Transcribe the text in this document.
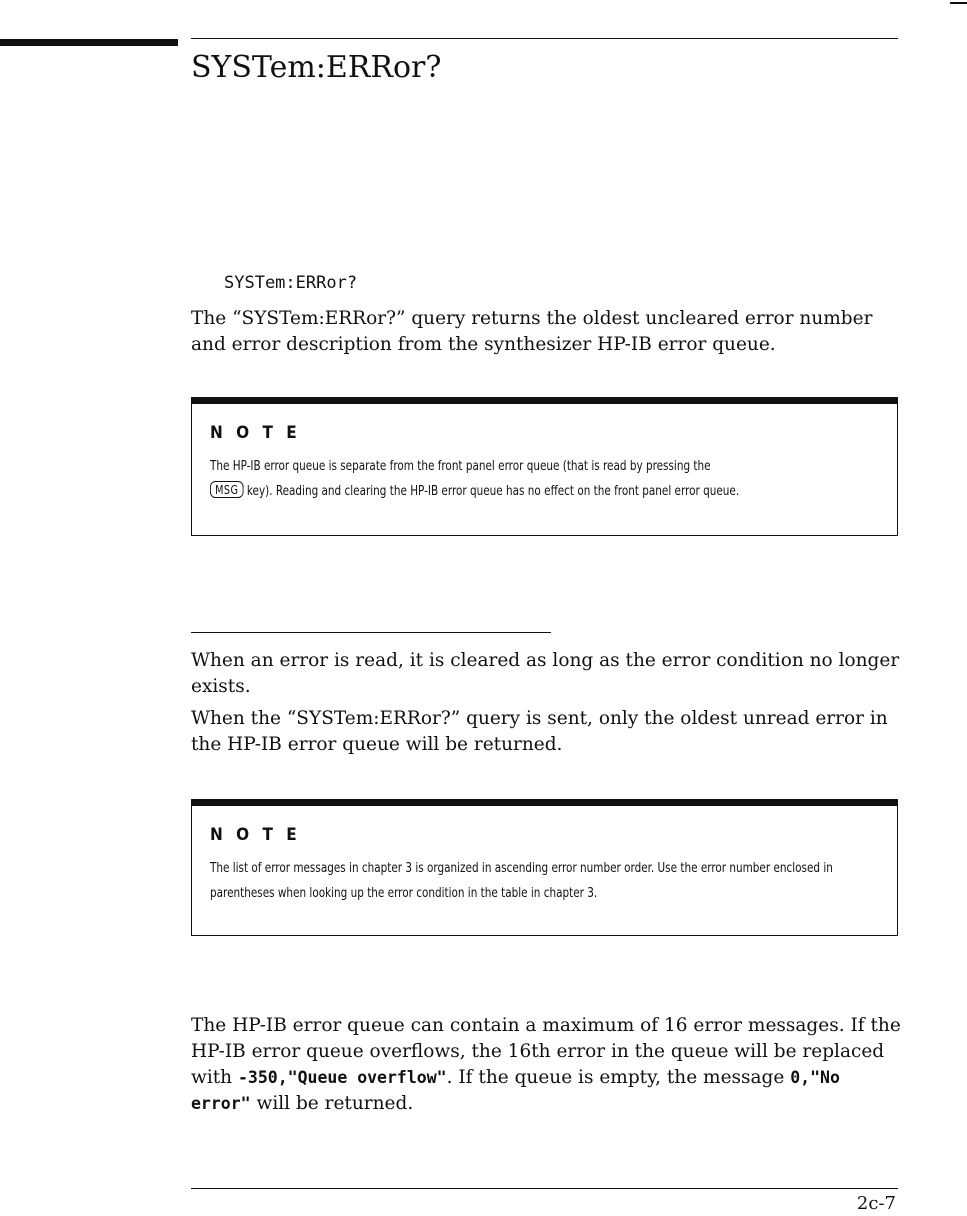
SYSTem:ERRor?
SYSTem:ERRor?

The “SYSTem:ERRor?” query returns the oldest uncleared error number and error description from the synthesizer HP-IB error queue.

N O T E

The HP-IB error queue is separate from the front panel error queue (that is read by pressing the
MSG key). Reading and clearing the HP-IB error queue has no effect on the front panel error queue.

When an error is read, it is cleared as long as the error condition no longer exists.

When the “SYSTem:ERRor?” query is sent, only the oldest unread error in the HP-IB error queue will be returned.

N O T E

The list of error messages in chapter 3 is organized in ascending error number order. Use the error number enclosed in parentheses when looking up the error condition in the table in chapter 3.

The HP-IB error queue can contain a maximum of 16 error messages. If the HP-IB error queue overflows, the 16th error in the queue will be replaced with -350,"Queue overflow". If the queue is empty, the message 0,"No error" will be returned.

2c-7
